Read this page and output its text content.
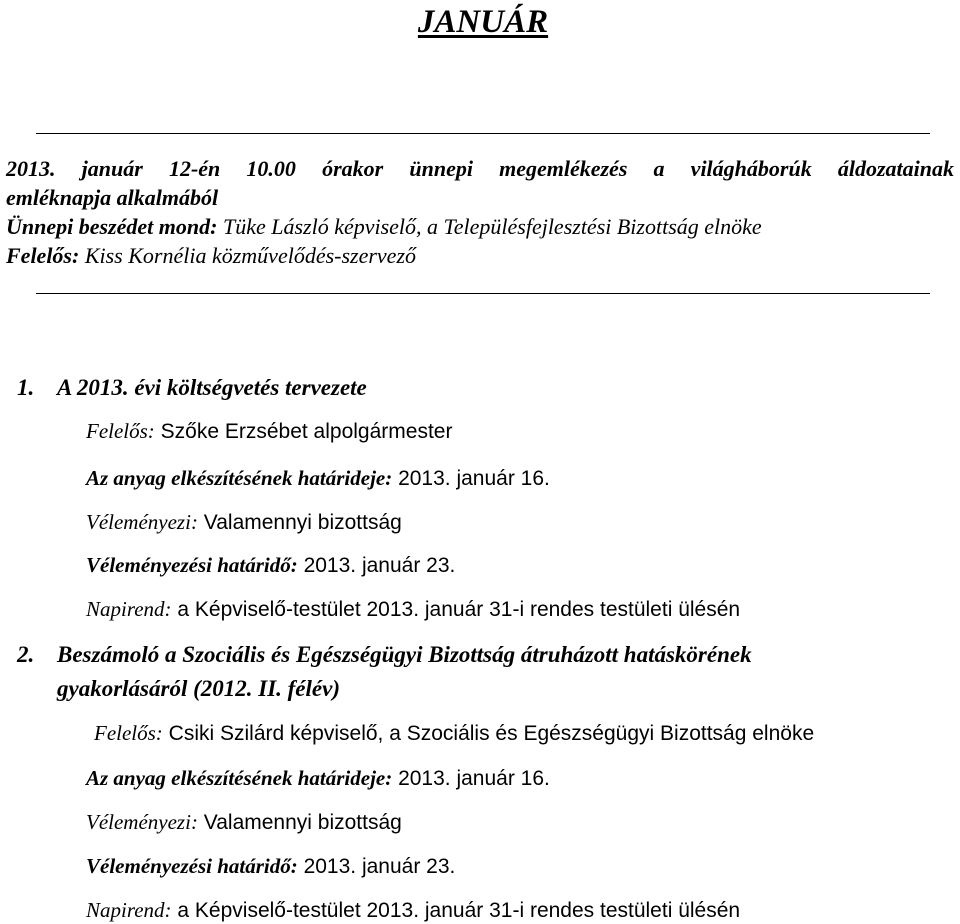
JANUÁR

2013. január 12-én 10.00 órakor ünnepi megemlékezés a világháborúk áldozatainak

emléknapja alkalmából

Ünnepi beszédet mond: Tüke László képviselő, a Településfejlesztési Bizottság elnöke

Felelős: Kiss Kornélia közművelődés-szervező

1. A 2013. évi költségvetés tervezete
Felelős: Szőke Erzsébet alpolgármester
Az anyag elkészítésének határideje: 2013. január 16.
Véleményezi: Valamennyi bizottság
Véleményezési határidő: 2013. január 23.
Napirend: a Képviselő-testület 2013. január 31-i rendes testületi ülésén
2. Beszámoló a Szociális és Egészségügyi Bizottság átruházott hatáskörének
gyakorlásáról (2012. II. félév)
Felelős: Csiki Szilárd képviselő, a Szociális és Egészségügyi Bizottság elnöke
Az anyag elkészítésének határideje: 2013. január 16.
Véleményezi: Valamennyi bizottság
Véleményezési határidő: 2013. január 23.
Napirend: a Képviselő-testület 2013. január 31-i rendes testületi ülésén
